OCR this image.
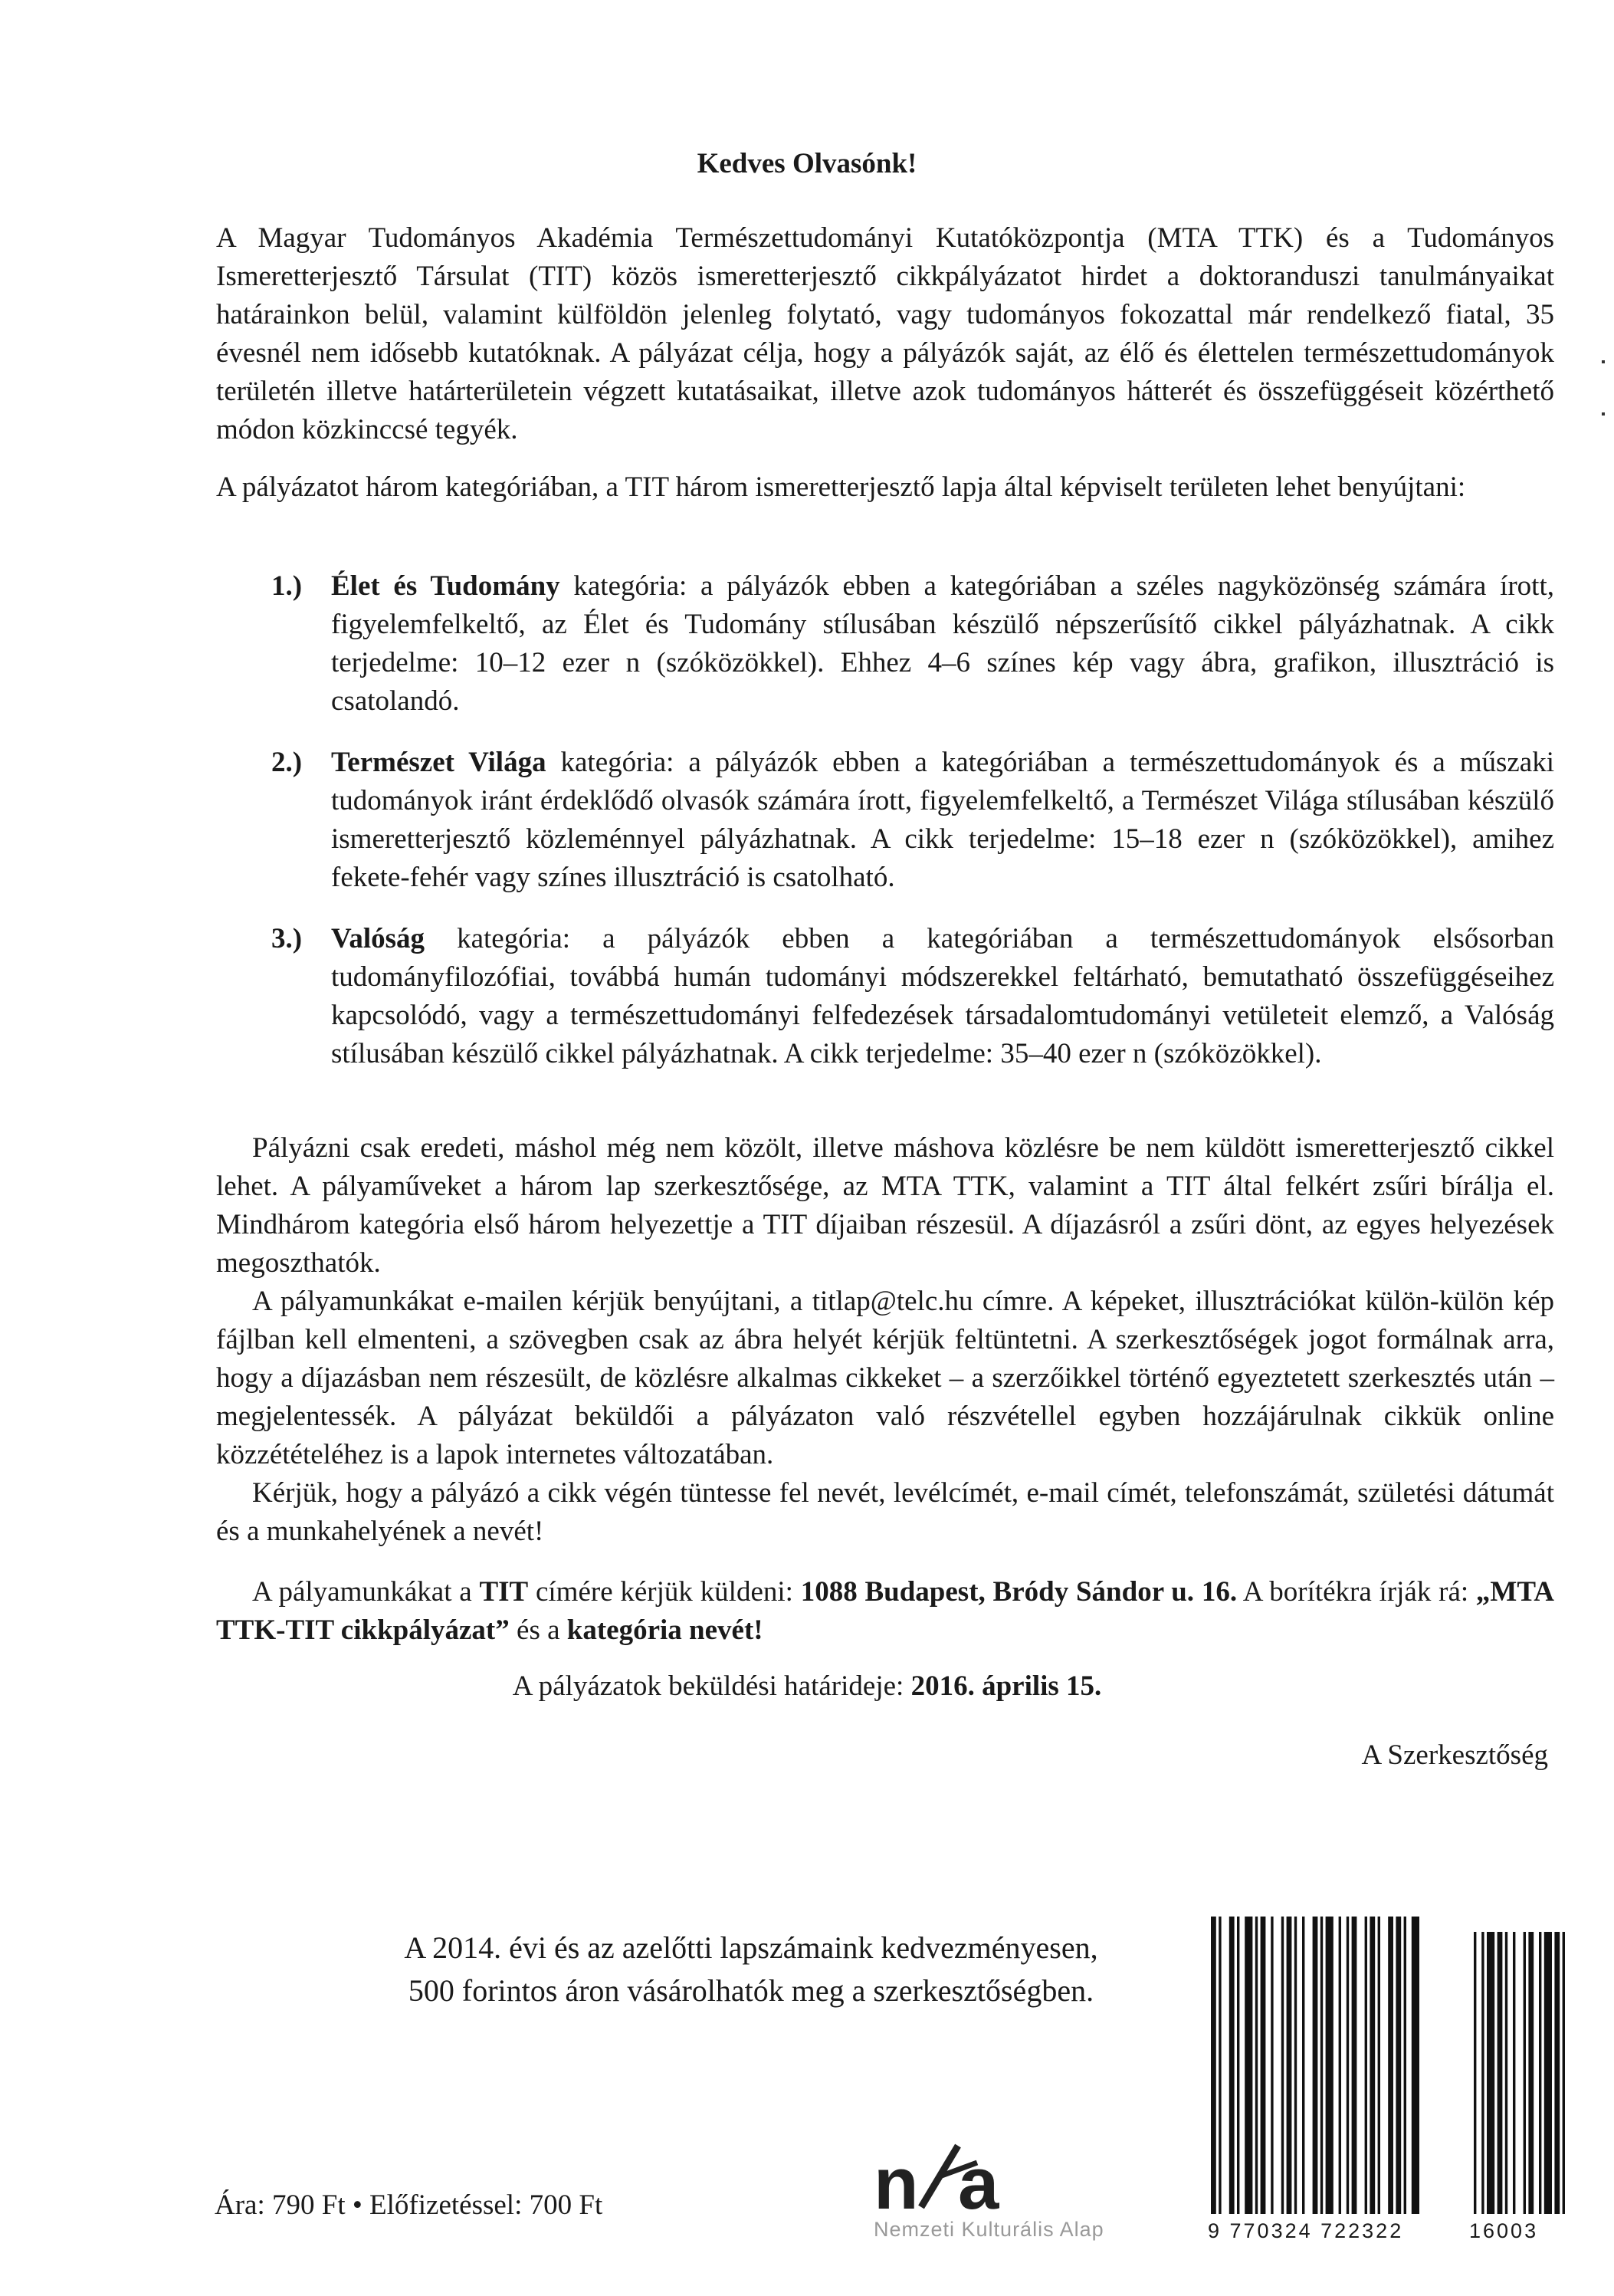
Kedves Olvasónk!

A Magyar Tudományos Akadémia Természettudományi Kutatóközpontja (MTA TTK) és a Tudományos Ismeretterjesztő Társulat (TIT) közös ismeretterjesztő cikkpályázatot hirdet a doktoranduszi tanulmányaikat határainkon belül, valamint külföldön jelenleg folytató, vagy tudományos fokozattal már rendelkező fiatal, 35 évesnél nem idősebb kutatóknak. A pályázat célja, hogy a pályázók saját, az élő és élettelen természettudományok területén illetve határterületein végzett kutatásaikat, illetve azok tudományos hátterét és összefüggéseit közérthető módon közkinccsé tegyék.

A pályázatot három kategóriában, a TIT három ismeretterjesztő lapja által képviselt területen lehet benyújtani:

1.) Élet és Tudomány kategória: a pályázók ebben a kategóriában a széles nagyközönség számára írott, figyelemfelkeltő, az Élet és Tudomány stílusában készülő népszerűsítő cikkel pályázhatnak. A cikk terjedelme: 10–12 ezer n (szóközökkel). Ehhez 4–6 színes kép vagy ábra, grafikon, illusztráció is csatolandó.
2.) Természet Világa kategória: a pályázók ebben a kategóriában a természettudományok és a műszaki tudományok iránt érdeklődő olvasók számára írott, figyelemfelkeltő, a Természet Világa stílusában készülő ismeretterjesztő közleménnyel pályázhatnak. A cikk terjedelme: 15–18 ezer n (szóközökkel), amihez fekete-fehér vagy színes illusztráció is csatolható.
3.) Valóság kategória: a pályázók ebben a kategóriában a természettudományok elsősorban tudományfilozófiai, továbbá humán tudományi módszerekkel feltárható, bemutatható összefüggéseihez kapcsolódó, vagy a természettudományi felfedezések társadalomtudományi vetületeit elemző, a Valóság stílusában készülő cikkel pályázhatnak. A cikk terjedelme: 35–40 ezer n (szóközökkel).

Pályázni csak eredeti, máshol még nem közölt, illetve máshova közlésre be nem küldött ismeretterjesztő cikkel lehet. A pályaműveket a három lap szerkesztősége, az MTA TTK, valamint a TIT által felkért zsűri bírálja el. Mindhárom kategória első három helyezettje a TIT díjaiban részesül. A díjazásról a zsűri dönt, az egyes helyezések megoszthatók.

A pályamunkákat e-mailen kérjük benyújtani, a titlap@telc.hu címre. A képeket, illusztrációkat külön-külön kép fájlban kell elmenteni, a szövegben csak az ábra helyét kérjük feltüntetni. A szerkesztőségek jogot formálnak arra, hogy a díjazásban nem részesült, de közlésre alkalmas cikkeket – a szerzőikkel történő egyeztetett szerkesztés után – megjelentessék. A pályázat beküldői a pályázaton való részvétellel egyben hozzájárulnak cikkük online közzétételéhez is a lapok internetes változatában.

Kérjük, hogy a pályázó a cikk végén tüntesse fel nevét, levélcímét, e-mail címét, telefonszámát, születési dátumát és a munkahelyének a nevét!

A pályamunkákat a TIT címére kérjük küldeni: 1088 Budapest, Bródy Sándor u. 16. A borítékra írják rá: „MTA TTK-TIT cikkpályázat” és a kategória nevét!

A pályázatok beküldési határideje: 2016. április 15.
A Szerkesztőség
A 2014. évi és az azelőtti lapszámaink kedvezményesen,
500 forintos áron vásárolhatók meg a szerkesztőségben.
Ára: 790 Ft • Előfizetéssel: 700 Ft	n a
Nemzeti Kulturális Alap	9 770324 722322	16003
